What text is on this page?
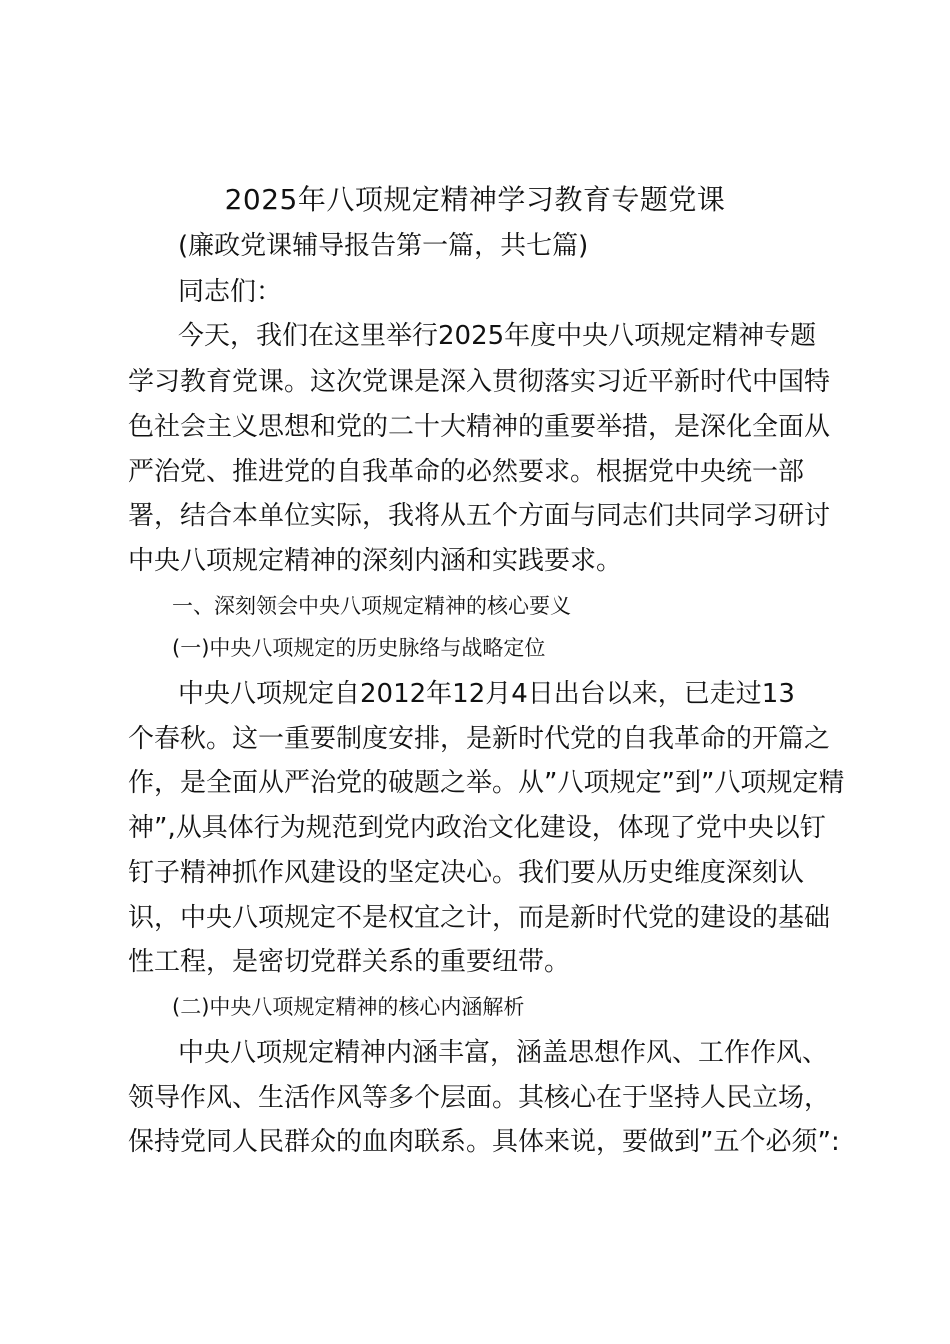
2025年八项规定精神学习教育专题党课
(廉政党课辅导报告第一篇，共七篇)
同志们：
今天，我们在这里举行2025年度中央八项规定精神专题
学习教育党课。这次党课是深入贯彻落实习近平新时代中国特
色社会主义思想和党的二十大精神的重要举措，是深化全面从
严治党、推进党的自我革命的必然要求。根据党中央统一部
署，结合本单位实际，我将从五个方面与同志们共同学习研讨
中央八项规定精神的深刻内涵和实践要求。
一、深刻领会中央八项规定精神的核心要义
(一)中央八项规定的历史脉络与战略定位
中央八项规定自2012年12月4日出台以来，已走过13
个春秋。这一重要制度安排，是新时代党的自我革命的开篇之
作，是全面从严治党的破题之举。从”八项规定”到”八项规定精
神”,从具体行为规范到党内政治文化建设，体现了党中央以钉
钉子精神抓作风建设的坚定决心。我们要从历史维度深刻认
识，中央八项规定不是权宜之计，而是新时代党的建设的基础
性工程，是密切党群关系的重要纽带。
(二)中央八项规定精神的核心内涵解析
中央八项规定精神内涵丰富，涵盖思想作风、工作作风、
领导作风、生活作风等多个层面。其核心在于坚持人民立场，
保持党同人民群众的血肉联系。具体来说，要做到”五个必须”:
